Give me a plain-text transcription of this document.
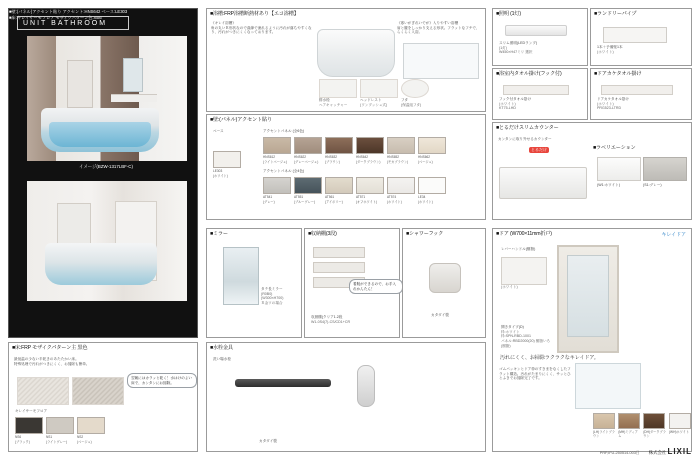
UNIT BATHROOM
イメージ(BZW-1317LBF-C)
■壁:(パネル)アクセント貼り アクセント:HNS642 ベース:LE303
■床:キレイサーモフロア モザイクパターン色:NS6
■浴槽:FRP浴槽断熱材あり【エコ浴槽】
《キレイ浴槽》
角の丸いＲ形状なので曲線で流れるように汚れが落ちやすくなり、汚れがつきにくくなっております。
《寒いがぎれいでが》入りやすい浴槽
肩と腰をしっかり支える形状。フラットなフチで、らくらく入浴。
排水栓
ヘアキャッチャー
ヘッドレスト
(ワンプッシュ式)
フタ
(保温組フタ)
■壁:(パネル)アクセント貼り
ベース
LE303
(ホワイト)
アクセントパネル (全6色)
HNS612
(ライトベージュ)
HNS622
(グレーベージュ)
HNS632
(ブラウン)
HNS642
(ダークブラウン)
HNS652
(モカブラウン)
HNS662
(ベージュ)
アクセントパネル (全4色)
AT541
(グレー)
AT551
(ブルーグレー)
AT561
(アイボリー)
AT571
(オフホワイト)
AT574
(ホワイト)
LE34
(ホワイト)
■ミラー
タテ長ミラー
(R0B0)
(W300×H700)
Ｒ金ワの場合
■収納棚(3段)
着脱ができるので、お手入れかんたん！
収納棚(クリア1.2段
W1-0S4(7)-CS/CD1+CR
■シャワーフック
カタダイ製
■床:FRP モザイクパターン主 黒色
最低温の少ない半乾きのあたたかい床。
特殊処理で汚れがつきにくく、お掃除も簡単。
翌朝にはカラッと乾く！水はけのよい床で、カンタンにお掃除。
キレイサーモフロア
NS6
(ブラック)
NS1
(ライトグレー)
NS2
(ベージュ)
■水栓金具
洗い場水栓
カタダイ製
■照明 (1灯)
スリム照明(LEDランプ)
(1灯)
W450×H47ミリ 選択
■ランドリーパイプ
1本＋予備壁1本
(ホワイト)
■浴室内タオル掛け(フック付)
フック付タオル掛け
(ホワイト)
KT75-LHD
■ドアカケタオル掛け
ドアカケタオル掛け
(ホワイト)
PRG523-LTRD
■とるだけスリムカウンター
カンタンに取り外せるカウンター
とるだけ	■ラベリエーション
(W1:ホワイト)	(S1:グレー)
■ドア (W700×11mm折戸)	キレイドア
レバーハンドル(樹脂)
(ホワイト)
開きタイプ(D)
枠:ホワイト
枠:SPN-RBD-1001
パネル:RBD2000(20) 樹脂いろ(樹脂)
汚れにくく、お掃除ラクラクなキレイドア。
ゴムパッキンとドア枠のすきまをなくしたフラット構造。汚れがたまりにくく、サッとひとふきでお掃除完了です。
(LH)ライトブラウン
(MH)ミディアム
(DH)ダークブラウン
(WH)ホワイト
PRP,IFU-250514-003日 株式会社 LIXIL
